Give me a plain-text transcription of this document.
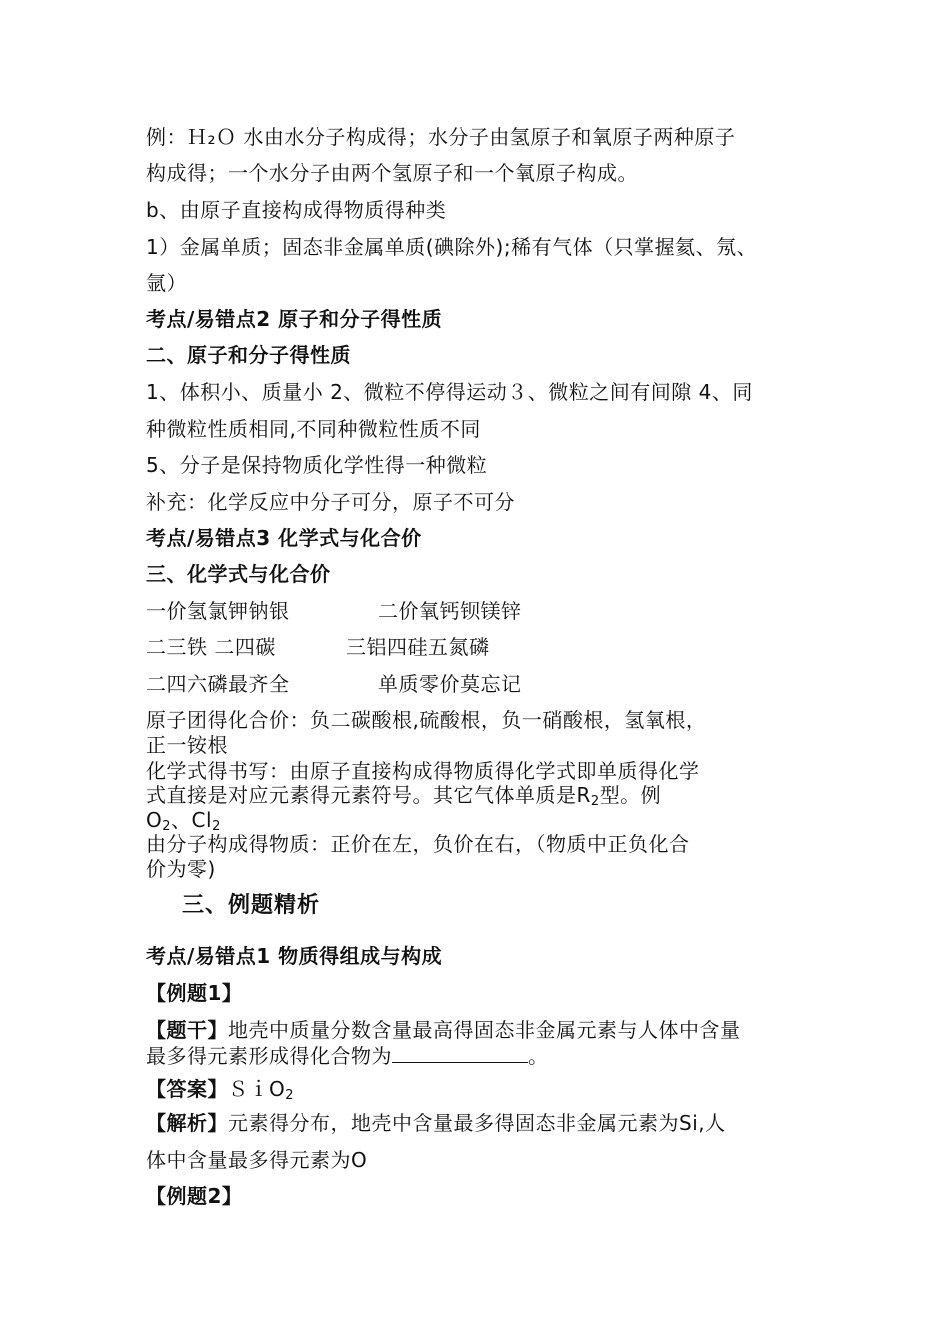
例：Ｈ₂Ｏ 水由水分子构成得；水分子由氢原子和氧原子两种原子
构成得；一个水分子由两个氢原子和一个氧原子构成。
b、由原子直接构成得物质得种类
1）金属单质；固态非金属单质(碘除外);稀有气体（只掌握氦、氖、
氩）
考点/易错点2 原子和分子得性质
二、原子和分子得性质
1、体积小、质量小 2、微粒不停得运动３、微粒之间有间隙 4、同
种微粒性质相同,不同种微粒性质不同
5、分子是保持物质化学性得一种微粒
补充：化学反应中分子可分，原子不可分
考点/易错点3 化学式与化合价
三、化学式与化合价
一价氢氯钾钠银	二价氧钙钡镁锌
二三铁 二四碳	三铝四硅五氮磷
二四六磷最齐全	单质零价莫忘记
原子团得化合价：负二碳酸根,硫酸根，负一硝酸根，氢氧根，
正一铵根
化学式得书写：由原子直接构成得物质得化学式即单质得化学
式直接是对应元素得元素符号。其它气体单质是$R_2$型。例
$O_2$、$Cl_2$
由分子构成得物质：正价在左，负价在右，（物质中正负化合
价为零)
三、例题精析
考点/易错点1 物质得组成与构成
【例题1】
【题干】地壳中质量分数含量最高得固态非金属元素与人体中含量
最多得元素形成得化合物为	。
【答案】ＳｉO$_2$
【解析】元素得分布，地壳中含量最多得固态非金属元素为Si,人
体中含量最多得元素为O
【例题2】
